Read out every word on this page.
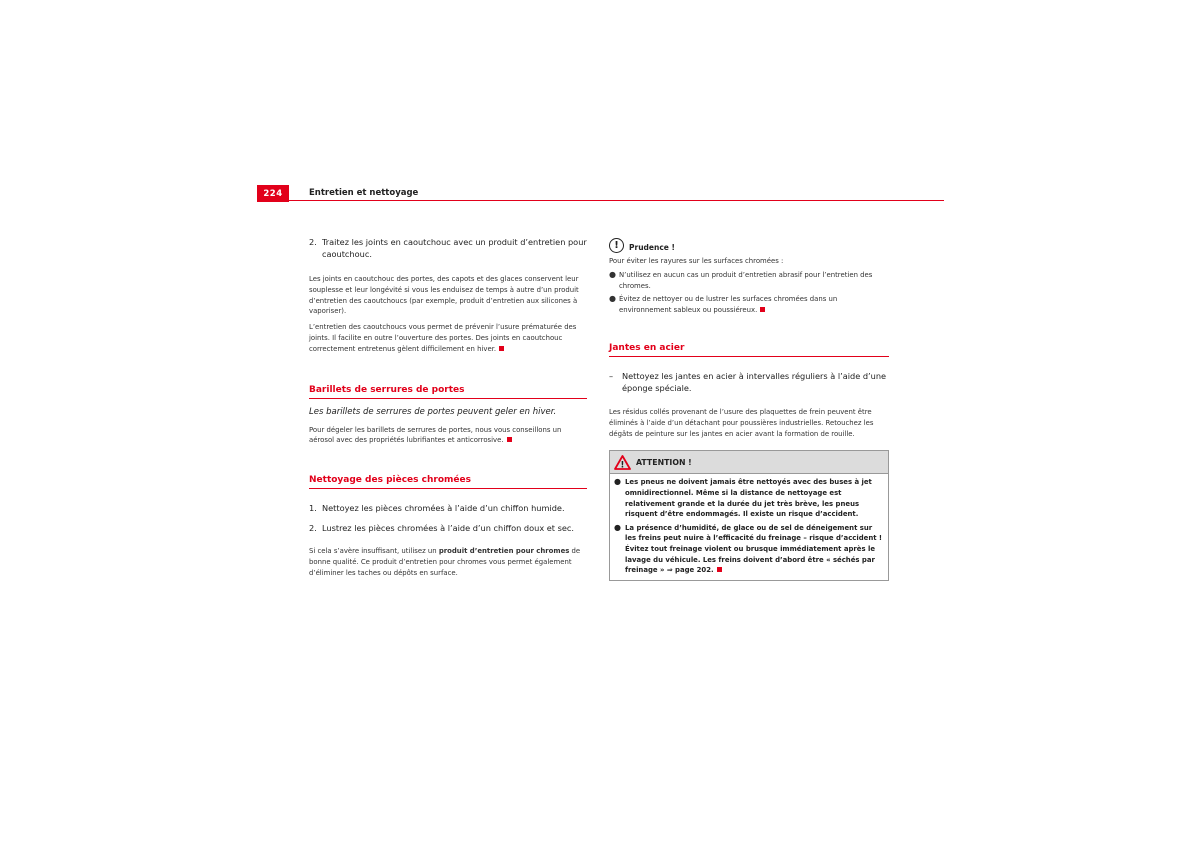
224	Entretien et nettoyage
2. Traitez les joints en caoutchouc avec un produit d’entretien pour caoutchouc.

Les joints en caoutchouc des portes, des capots et des glaces conservent leur souplesse et leur longévité si vous les enduisez de temps à autre d’un produit d’entretien des caoutchoucs (par exemple, produit d’entretien aux silicones à vaporiser).

L’entretien des caoutchoucs vous permet de prévenir l’usure prématurée des joints. Il facilite en outre l’ouverture des portes. Des joints en caoutchouc correctement entretenus gèlent difficilement en hiver.

Barillets de serrures de portes

Les barillets de serrures de portes peuvent geler en hiver.

Pour dégeler les barillets de serrures de portes, nous vous conseillons un aérosol avec des propriétés lubrifiantes et anticorrosive.

Nettoyage des pièces chromées
1. Nettoyez les pièces chromées à l’aide d’un chiffon humide.
2. Lustrez les pièces chromées à l’aide d’un chiffon doux et sec.

Si cela s’avère insuffisant, utilisez un produit d’entretien pour chromes de bonne qualité. Ce produit d’entretien pour chromes vous permet également d’éliminer les taches ou dépôts en surface.

!	Prudence !

Pour éviter les rayures sur les surfaces chromées :

● N’utilisez en aucun cas un produit d’entretien abrasif pour l’entretien des chromes.
● Évitez de nettoyer ou de lustrer les surfaces chromées dans un environnement sableux ou poussiéreux.
Jantes en acier
–	Nettoyez les jantes en acier à intervalles réguliers à l’aide d’une éponge spéciale.

Les résidus collés provenant de l’usure des plaquettes de frein peuvent être éliminés à l’aide d’un détachant pour poussières industrielles. Retouchez les dégâts de peinture sur les jantes en acier avant la formation de rouille.

! ATTENTION !
● Les pneus ne doivent jamais être nettoyés avec des buses à jet omnidirectionnel. Même si la distance de nettoyage est relativement grande et la durée du jet très brève, les pneus risquent d’être endommagés. Il existe un risque d’accident.
● La présence d’humidité, de glace ou de sel de déneigement sur les freins peut nuire à l’efficacité du freinage – risque d’accident ! Évitez tout freinage violent ou brusque immédiatement après le lavage du véhicule. Les freins doivent d’abord être « séchés par freinage » ⇒ page 202.
